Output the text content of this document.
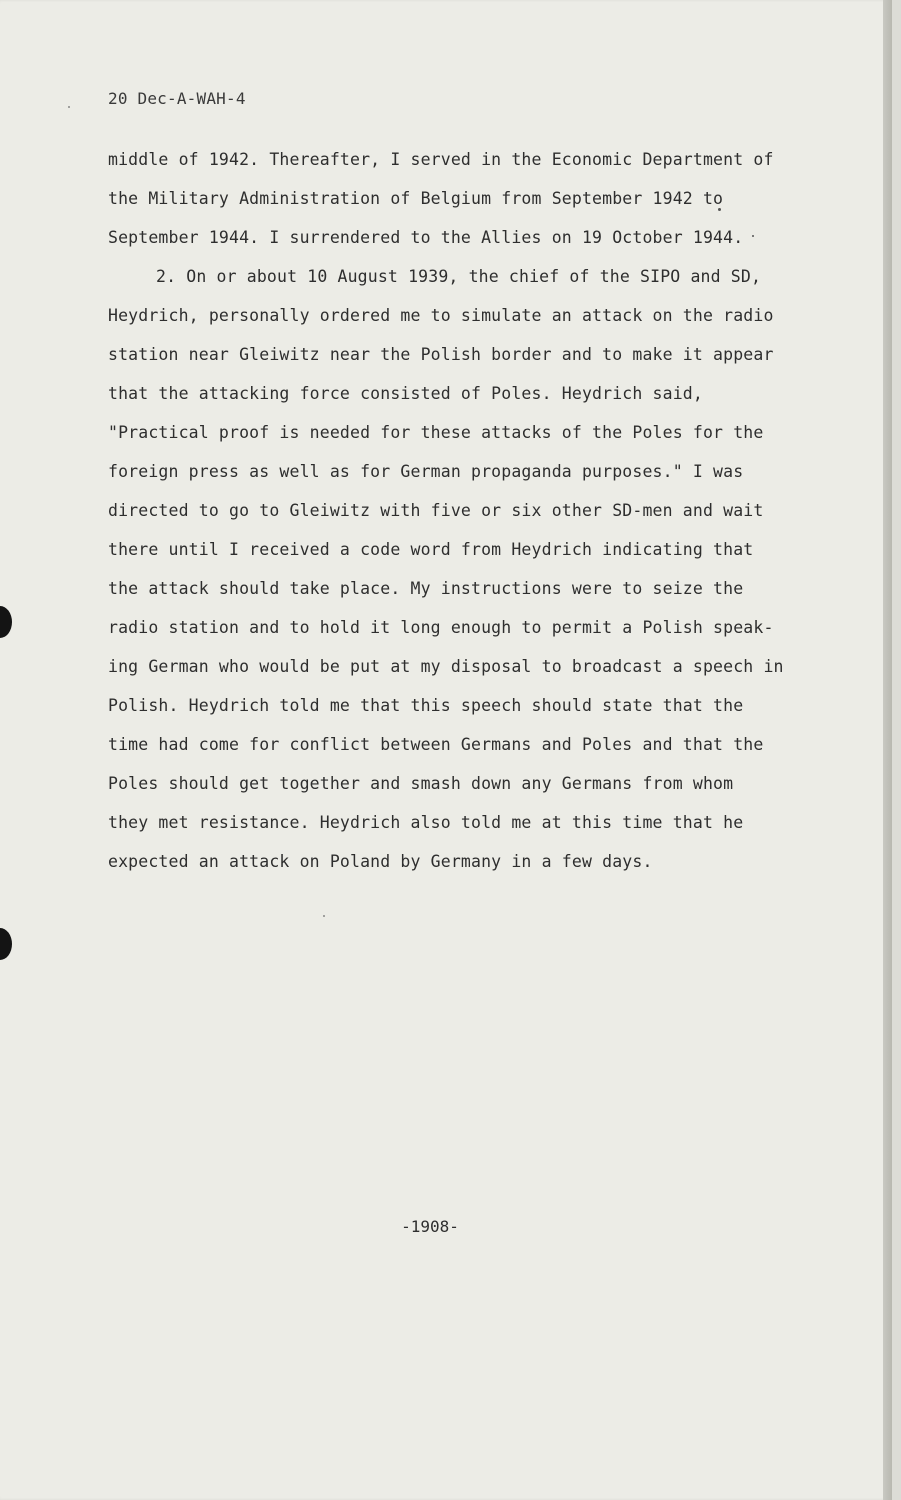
20 Dec-A-WAH-4
middle of 1942. Thereafter, I served in the Economic Department of
the Military Administration of Belgium from September 1942 to
September 1944. I surrendered to the Allies on 19 October 1944.
2. On or about 10 August 1939, the chief of the SIPO and SD,
Heydrich, personally ordered me to simulate an attack on the radio
station near Gleiwitz near the Polish border and to make it appear
that the attacking force consisted of Poles. Heydrich said,
"Practical proof is needed for these attacks of the Poles for the
foreign press as well as for German propaganda purposes." I was
directed to go to Gleiwitz with five or six other SD-men and wait
there until I received a code word from Heydrich indicating that
the attack should take place. My instructions were to seize the
radio station and to hold it long enough to permit a Polish speak-
ing German who would be put at my disposal to broadcast a speech in
Polish. Heydrich told me that this speech should state that the
time had come for conflict between Germans and Poles and that the
Poles should get together and smash down any Germans from whom
they met resistance. Heydrich also told me at this time that he
expected an attack on Poland by Germany in a few days.
-1908-
